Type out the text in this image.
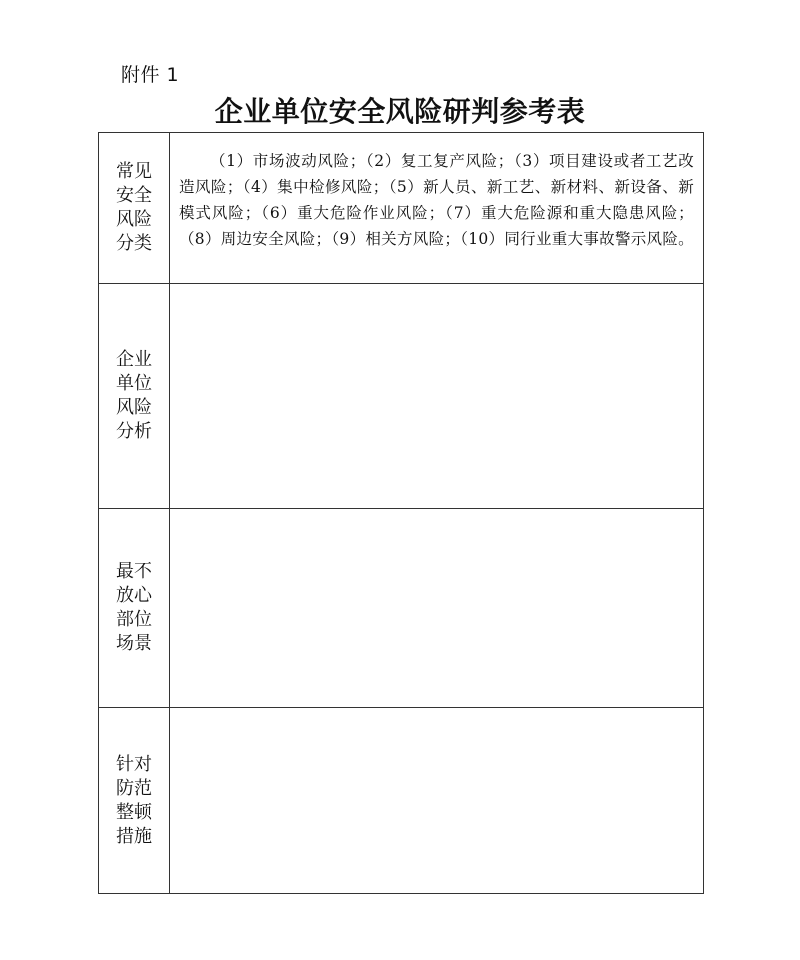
附件 1
企业单位安全风险研判参考表
常见安全风险分类	（1）市场波动风险；（2）复工复产风险；（3）项目建设或者工艺改造风险；（4）集中检修风险；（5）新人员、新工艺、新材料、新设备、新模式风险；（6）重大危险作业风险；（7）重大危险源和重大隐患风险；（8）周边安全风险；（9）相关方风险；（10）同行业重大事故警示风险。

企业单位风险分析	

最不放心部位场景	

针对防范整顿措施	
